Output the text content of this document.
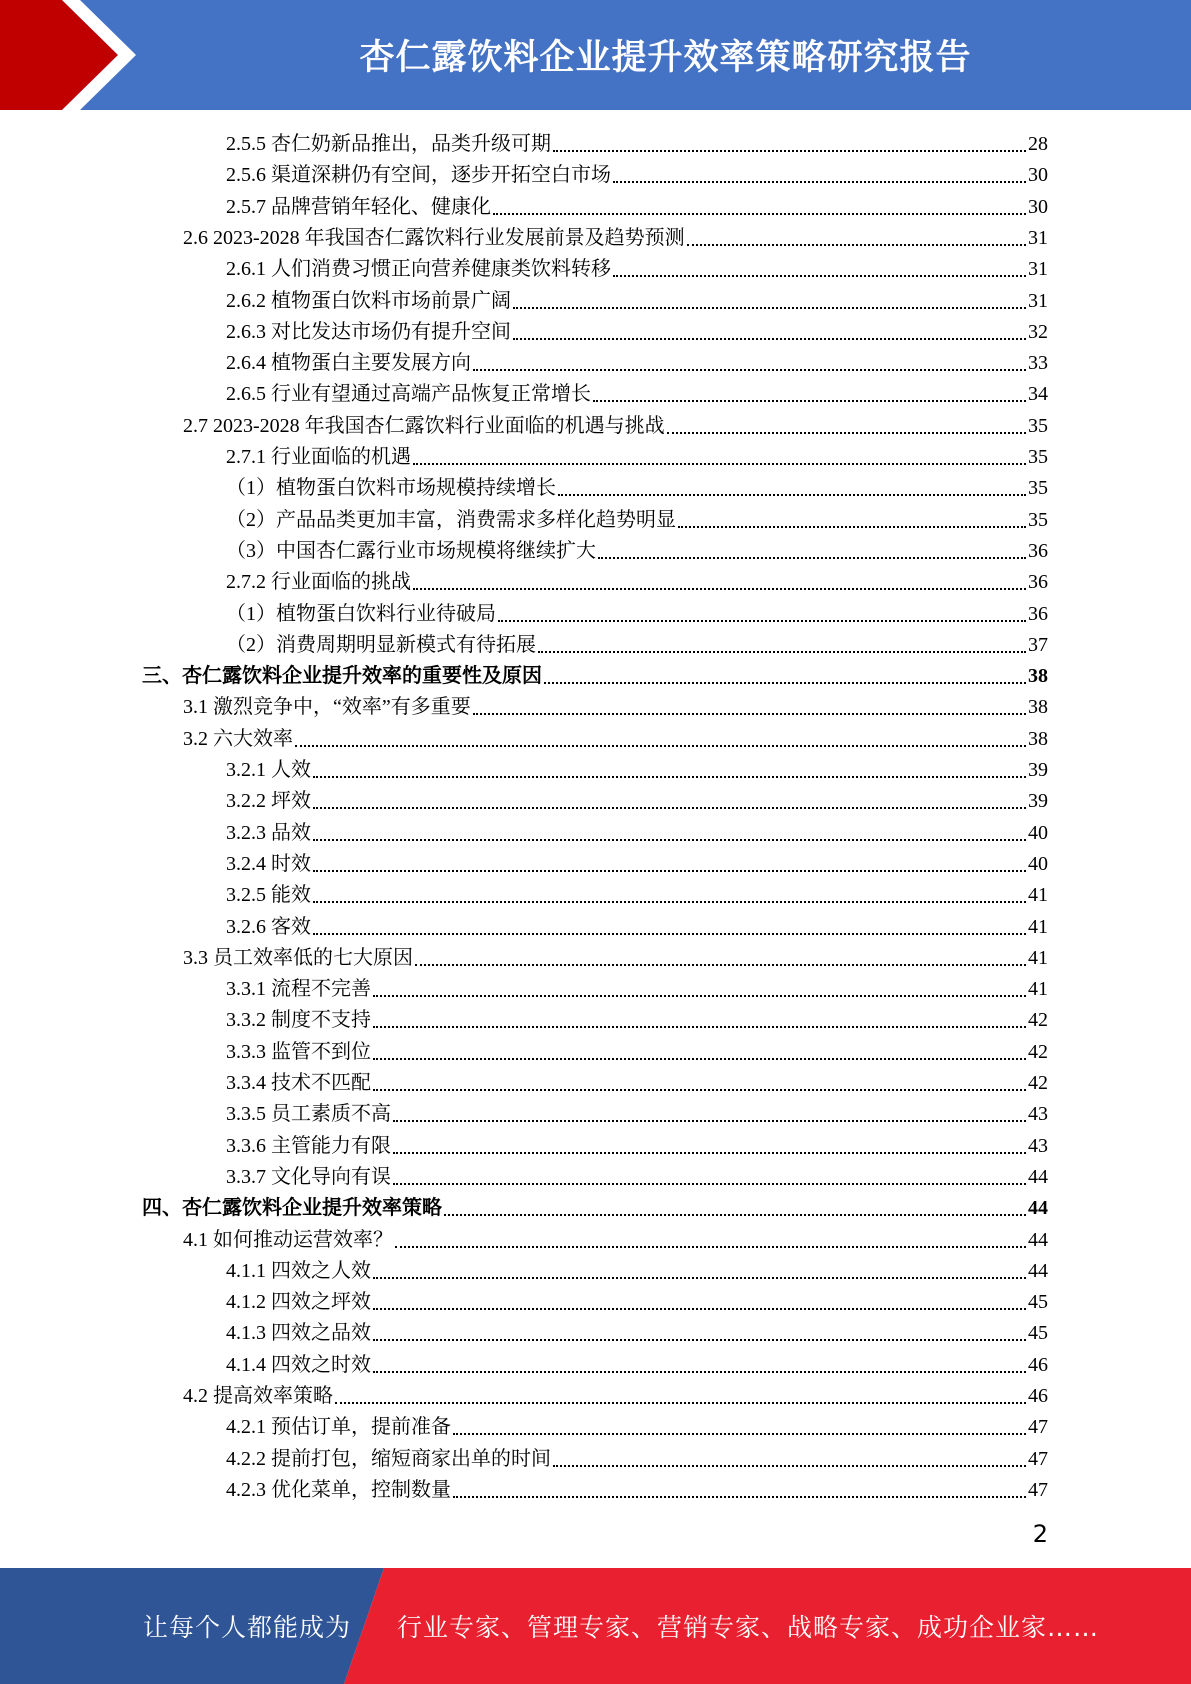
杏仁露饮料企业提升效率策略研究报告
2.5.5 杏仁奶新品推出，品类升级可期	28
2.5.6 渠道深耕仍有空间，逐步开拓空白市场	30
2.5.7 品牌营销年轻化、健康化	30
2.6 2023-2028 年我国杏仁露饮料行业发展前景及趋势预测	31
2.6.1 人们消费习惯正向营养健康类饮料转移	31
2.6.2 植物蛋白饮料市场前景广阔	31
2.6.3 对比发达市场仍有提升空间	32
2.6.4 植物蛋白主要发展方向	33
2.6.5 行业有望通过高端产品恢复正常增长	34
2.7 2023-2028 年我国杏仁露饮料行业面临的机遇与挑战	35
2.7.1 行业面临的机遇	35
（1）植物蛋白饮料市场规模持续增长	35
（2）产品品类更加丰富，消费需求多样化趋势明显	35
（3）中国杏仁露行业市场规模将继续扩大	36
2.7.2 行业面临的挑战	36
（1）植物蛋白饮料行业待破局	36
（2）消费周期明显新模式有待拓展	37
三、杏仁露饮料企业提升效率的重要性及原因	38
3.1 激烈竞争中，“效率”有多重要	38
3.2 六大效率	38
3.2.1 人效	39
3.2.2 坪效	39
3.2.3 品效	40
3.2.4 时效	40
3.2.5 能效	41
3.2.6 客效	41
3.3 员工效率低的七大原因	41
3.3.1 流程不完善	41
3.3.2 制度不支持	42
3.3.3 监管不到位	42
3.3.4 技术不匹配	42
3.3.5 员工素质不高	43
3.3.6 主管能力有限	43
3.3.7 文化导向有误	44
四、杏仁露饮料企业提升效率策略	44
4.1 如何推动运营效率？	44
4.1.1 四效之人效	44
4.1.2 四效之坪效	45
4.1.3 四效之品效	45
4.1.4 四效之时效	46
4.2 提高效率策略	46
4.2.1 预估订单，提前准备	47
4.2.2 提前打包，缩短商家出单的时间	47
4.2.3 优化菜单，控制数量	47
2
让每个人都能成为 行业专家、管理专家、营销专家、战略专家、成功企业家……
